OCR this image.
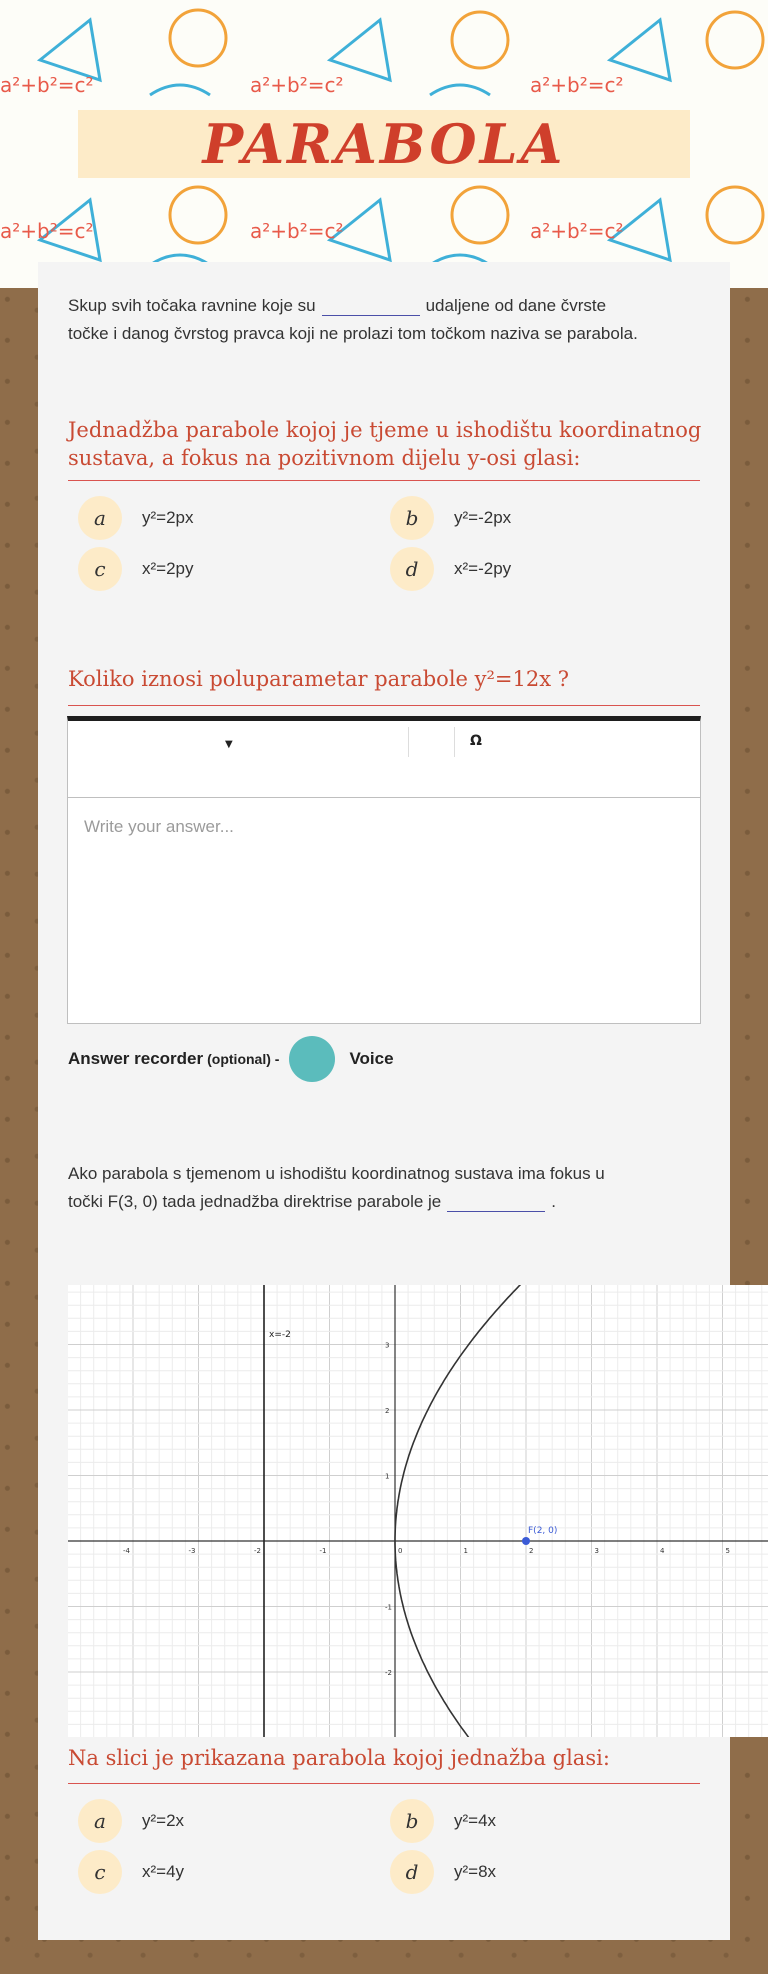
a²+b²=c²	a²+b²=c²
a²+b²=c²
a²+b²=c²	a²+b²=c²
a²+b²=c²
PARABOLA
Skup svih točaka ravnine koje su	udaljene od dane čvrste
točke i danog čvrstog pravca koji ne prolazi tom točkom naziva se parabola.
Jednadžba parabole kojoj je tjeme u ishodištu koordinatnog
sustava, a fokus na pozitivnom dijelu y-osi glasi:
a	y²=2px	b	y²=-2px
c	x²=2py	d	x²=-2py
Koliko iznosi poluparametar parabole y²=12x ?
▼	Ω
Write your answer...
Answer recorder (optional) -	Voice
Ako parabola s tjemenom u ishodištu koordinatnog sustava ima fokus u
točki F(3, 0) tada jednadžba direktrise parabole je	.
x=-2
-4	-3	-2	-1	0	1	2	3	4	5
3
2
1
-1
-2
F(2, 0)
Na slici je prikazana parabola kojoj jednažba glasi:
a	y²=2x	b	y²=4x
c	x²=4y	d	y²=8x
